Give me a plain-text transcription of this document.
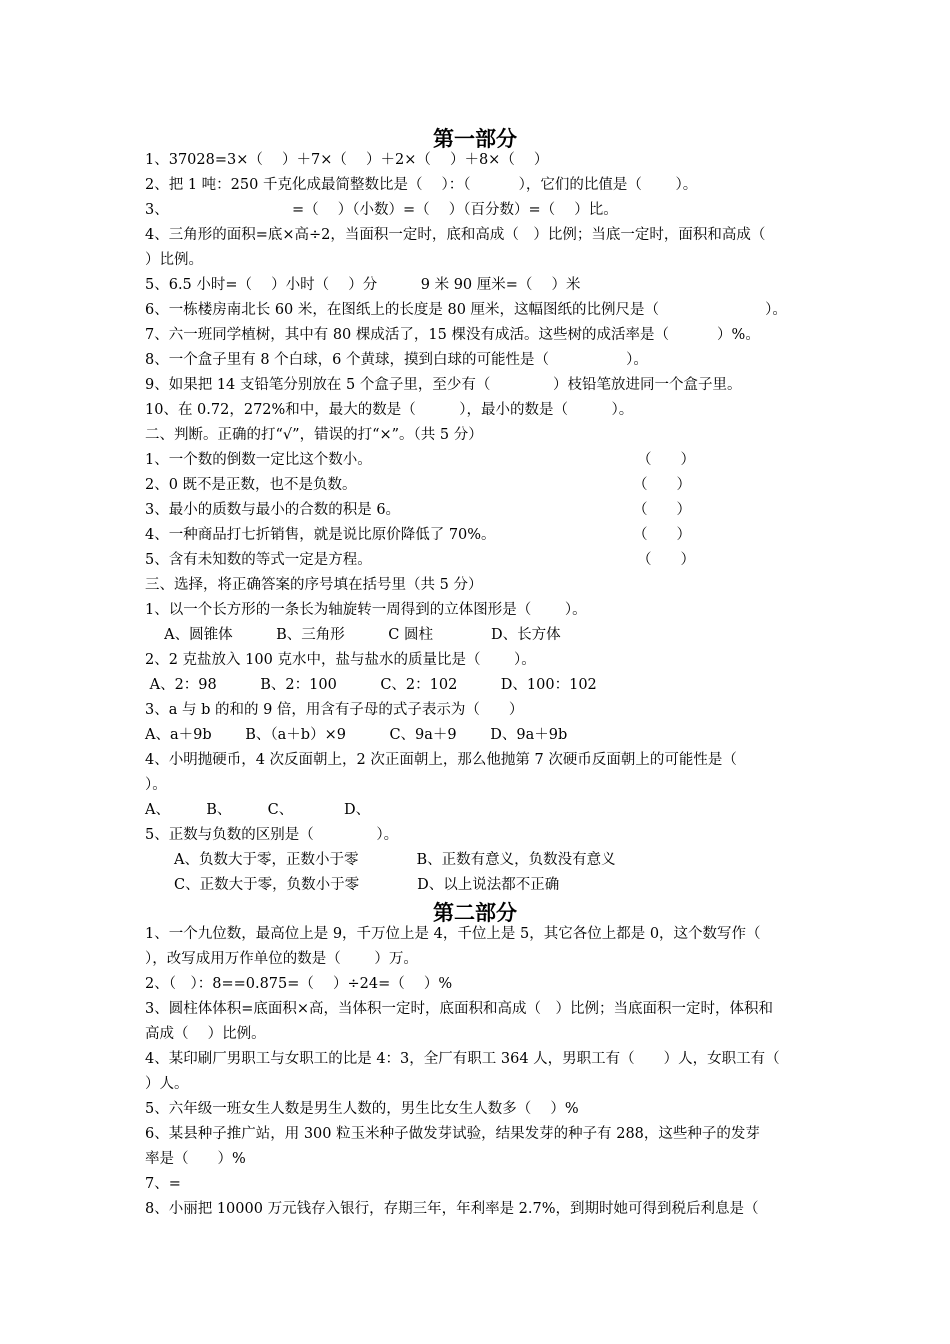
第一部分
1、37028=3×（　 ）＋7×（　 ）＋2×（　 ）＋8×（　 ）
2、把 1 吨：250 千克化成最简整数比是（　 ）：（　　　 ），它们的比值是（　　 ）。
3、　　　　　　　　　=（　 ）（小数）=（　 ）（百分数）=（　 ）比。
4、三角形的面积=底×高÷2，当面积一定时，底和高成（　）比例；当底一定时，面积和高成（
）比例。
5、6.5 小时=（　 ）小时（　 ）分　　　9 米 90 厘米=（　 ）米
6、一栋楼房南北长 60 米，在图纸上的长度是 80 厘米，这幅图纸的比例尺是（　　　　　　　 ）。
7、六一班同学植树，其中有 80 棵成活了，15 棵没有成活。这些树的成活率是（　　　 ）%。
8、一个盒子里有 8 个白球，6 个黄球，摸到白球的可能性是（　　　　　 ）。
9、如果把 14 支铅笔分别放在 5 个盒子里，至少有（　　　　 ）枝铅笔放进同一个盒子里。
10、在 0.72，272%和中，最大的数是（　　　），最小的数是（　　　）。
二、判断。正确的打“√”，错误的打“×”。（共 5 分）
1、一个数的倒数一定比这个数小。	（　　）
2、0 既不是正数，也不是负数。	（　　）
3、最小的质数与最小的合数的积是 6。	（　　）
4、一种商品打七折销售，就是说比原价降低了 70%。	（　　）
5、含有未知数的等式一定是方程。	（　　）
三、选择，将正确答案的序号填在括号里（共 5 分）
1、以一个长方形的一条长为轴旋转一周得到的立体图形是（　　 ）。
　 A、圆锥体　　　B、三角形　　　C 圆柱　　　　D、长方体
2、2 克盐放入 100 克水中，盐与盐水的质量比是（　　 ）。
A、2：98　　　B、2：100　　　C、2：102　　　D、100：102
3、a 与 b 的和的 9 倍，用含有子母的式子表示为（　　）
A、a＋9b　　 B、（a＋b）×9　　　C、9a＋9　　 D、9a＋9b
4、小明抛硬币，4 次反面朝上，2 次正面朝上，那么他抛第 7 次硬币反面朝上的可能性是（
）。
A、　　　B、　　　C、　　　　D、
5、正数与负数的区别是（　　　　 ）。
　　A、负数大于零，正数小于零　　　　B、正数有意义，负数没有意义
　　C、正数大于零，负数小于零　　　　D、以上说法都不正确
第二部分
1、一个九位数，最高位上是 9，千万位上是 4，千位上是 5，其它各位上都是 0，这个数写作（
），改写成用万作单位的数是（　　 ）万。
2、（　）：8==0.875=（　 ）÷24=（　 ）%
3、圆柱体体积=底面积×高，当体积一定时，底面积和高成（　）比例；当底面积一定时，体积和
高成（　 ）比例。
4、某印刷厂男职工与女职工的比是 4：3，全厂有职工 364 人，男职工有（　　）人，女职工有（
）人。
5、六年级一班女生人数是男生人数的，男生比女生人数多（　 ）%
6、某县种子推广站，用 300 粒玉米种子做发芽试验，结果发芽的种子有 288，这些种子的发芽
率是（　　）%
7、=
8、小丽把 10000 万元钱存入银行，存期三年，年利率是 2.7%，到期时她可得到税后利息是（
